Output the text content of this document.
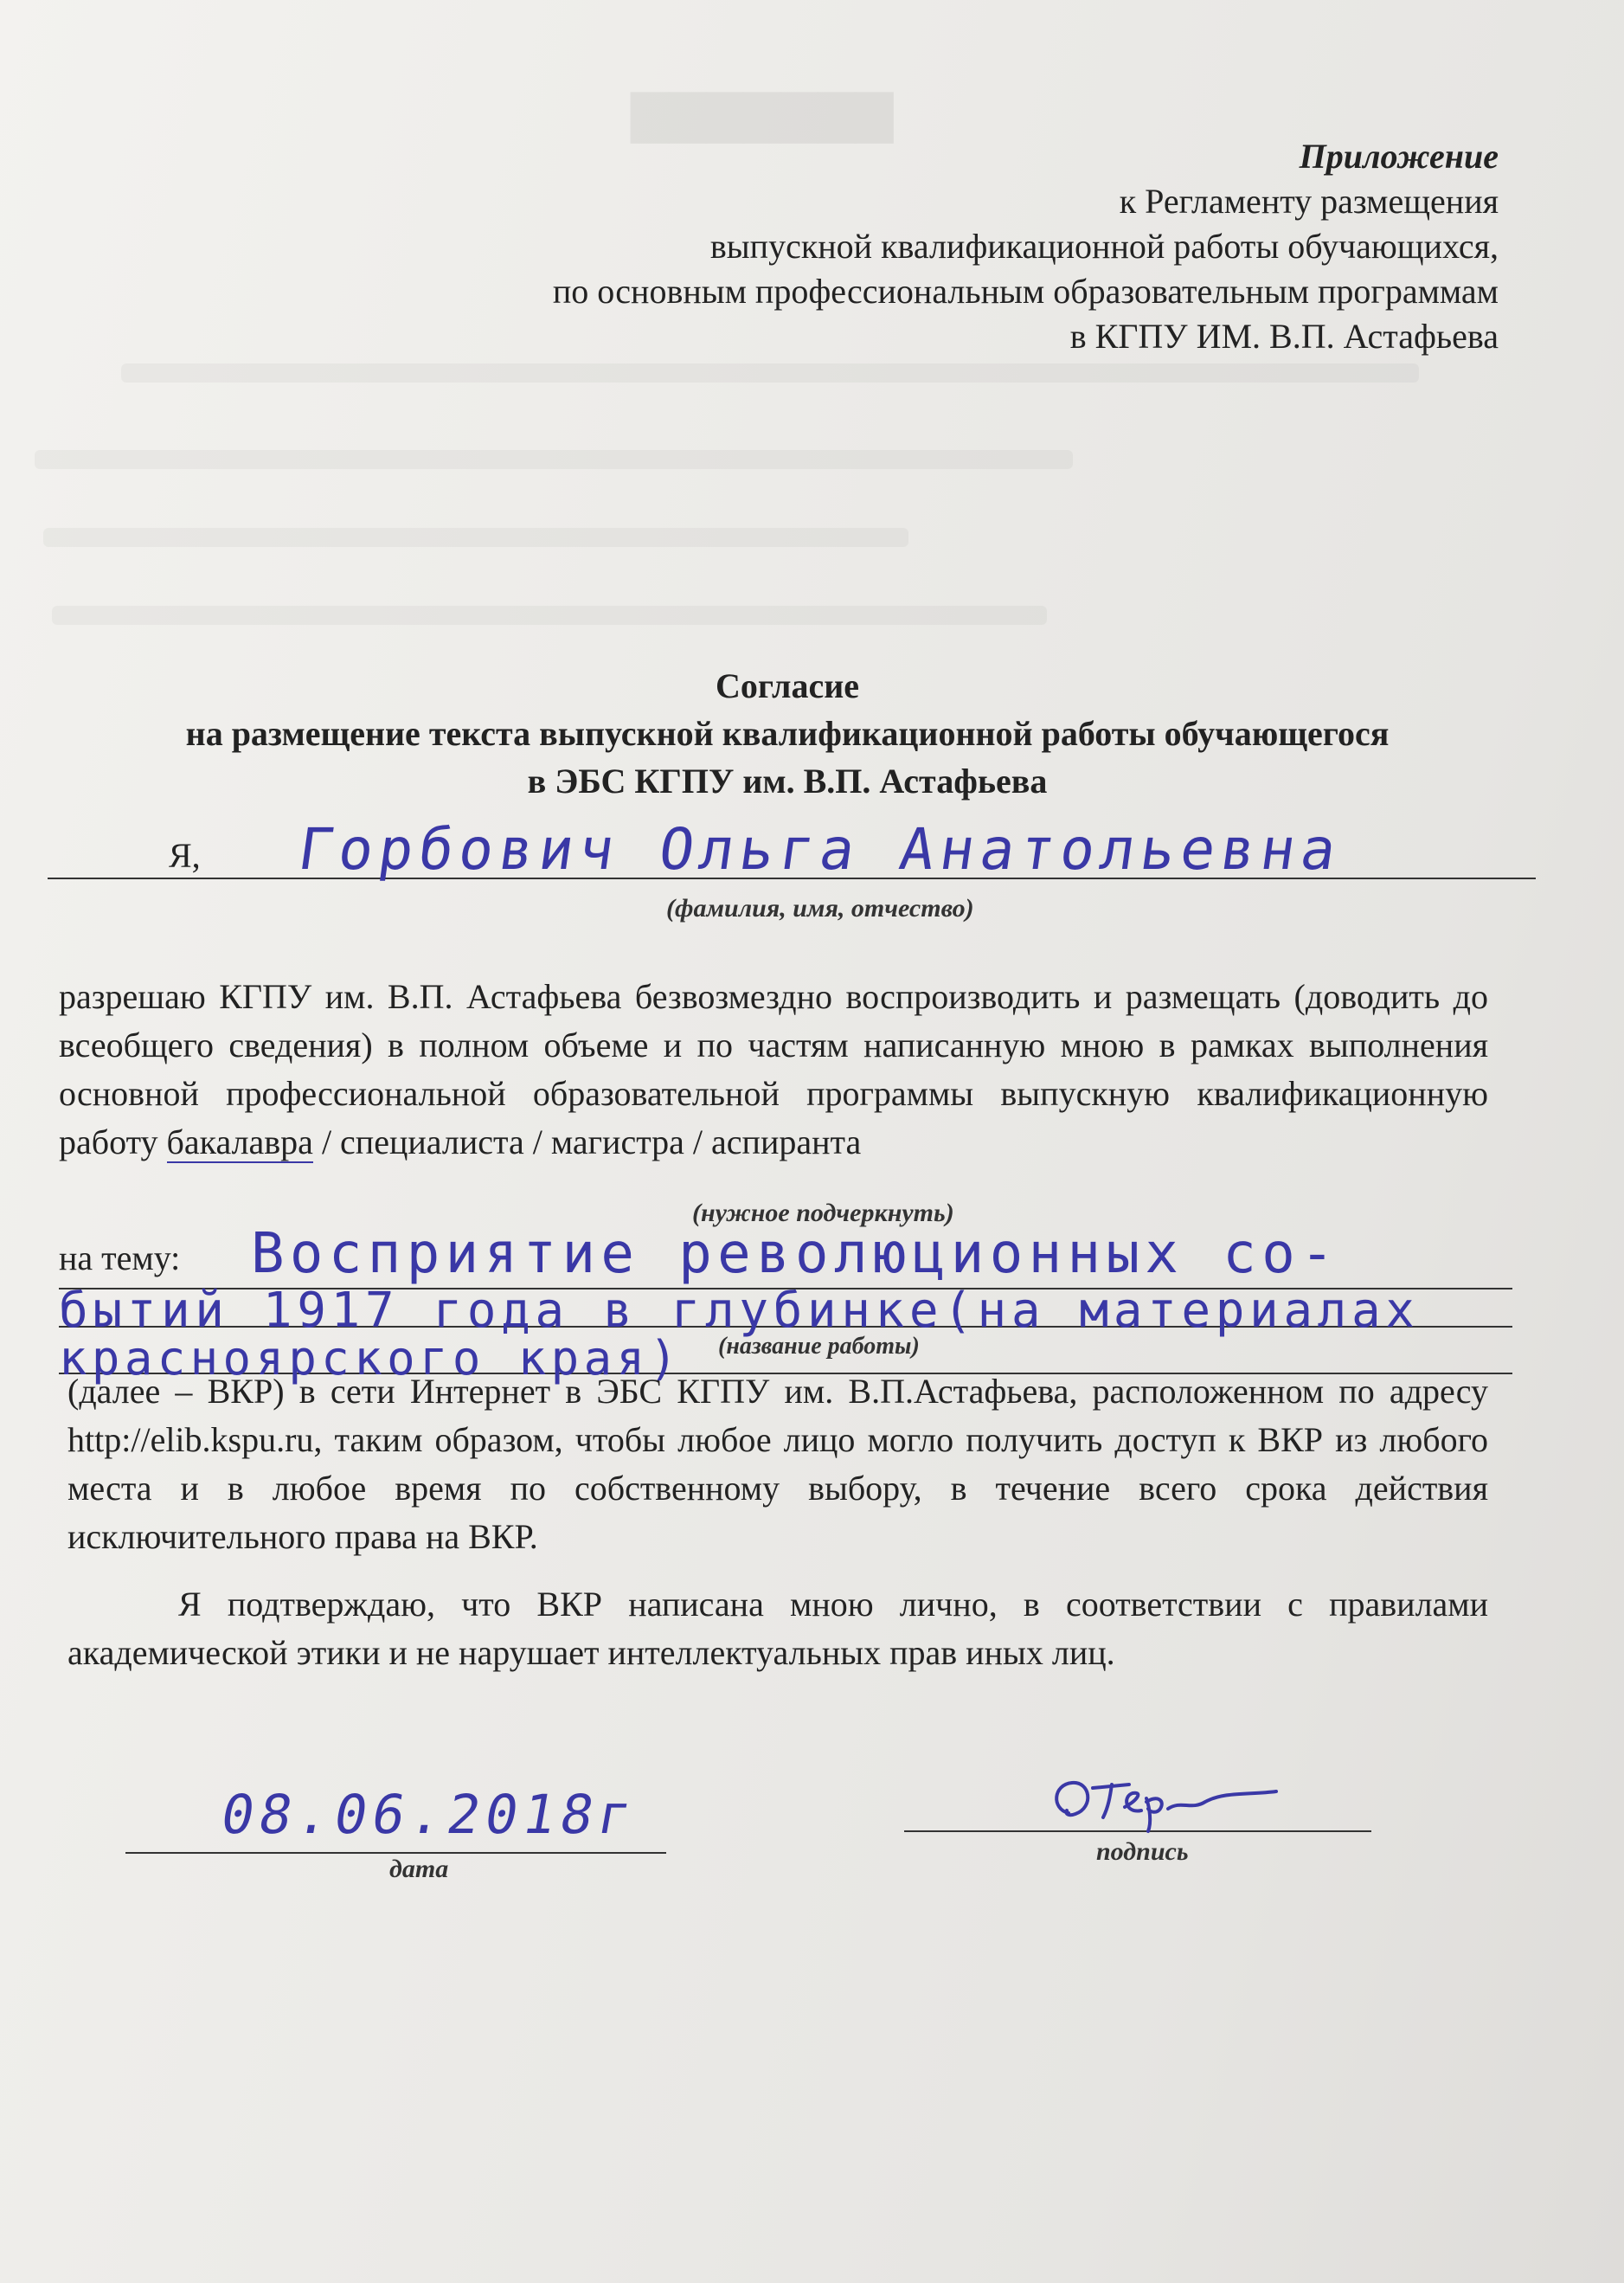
▇▇▇▇▇▇▇
Приложение
к Регламенту размещения
выпускной квалификационной работы обучающихся,
по основным профессиональным образовательным программам
в КГПУ ИМ. В.П. Астафьева
Согласие
на размещение текста выпускной квалификационной работы обучающегося
в ЭБС КГПУ им. В.П. Астафьева
Я, Горбович Ольга Анатольевна
(фамилия, имя, отчество)
разрешаю КГПУ им. В.П. Астафьева безвозмездно воспроизводить и размещать (доводить до всеобщего сведения) в полном объеме и по частям написанную мною в рамках выполнения основной профессиональной образовательной программы выпускную квалификационную работу бакалавра / специалиста / магистра / аспиранта
(нужное подчеркнуть)
на тему: Восприятие революционных со-
бытий 1917 года в глубинке(на материалах
красноярского края) (название работы)
(далее – ВКР) в сети Интернет в ЭБС КГПУ им. В.П.Астафьева, расположенном по адресу http://elib.kspu.ru, таким образом, чтобы любое лицо могло получить доступ к ВКР из любого места и в любое время по собственному выбору, в течение всего срока действия исключительного права на ВКР.
Я подтверждаю, что ВКР написана мною лично, в соответствии с правилами академической этики и не нарушает интеллектуальных прав иных лиц.
08.06.2018г
дата
подпись
